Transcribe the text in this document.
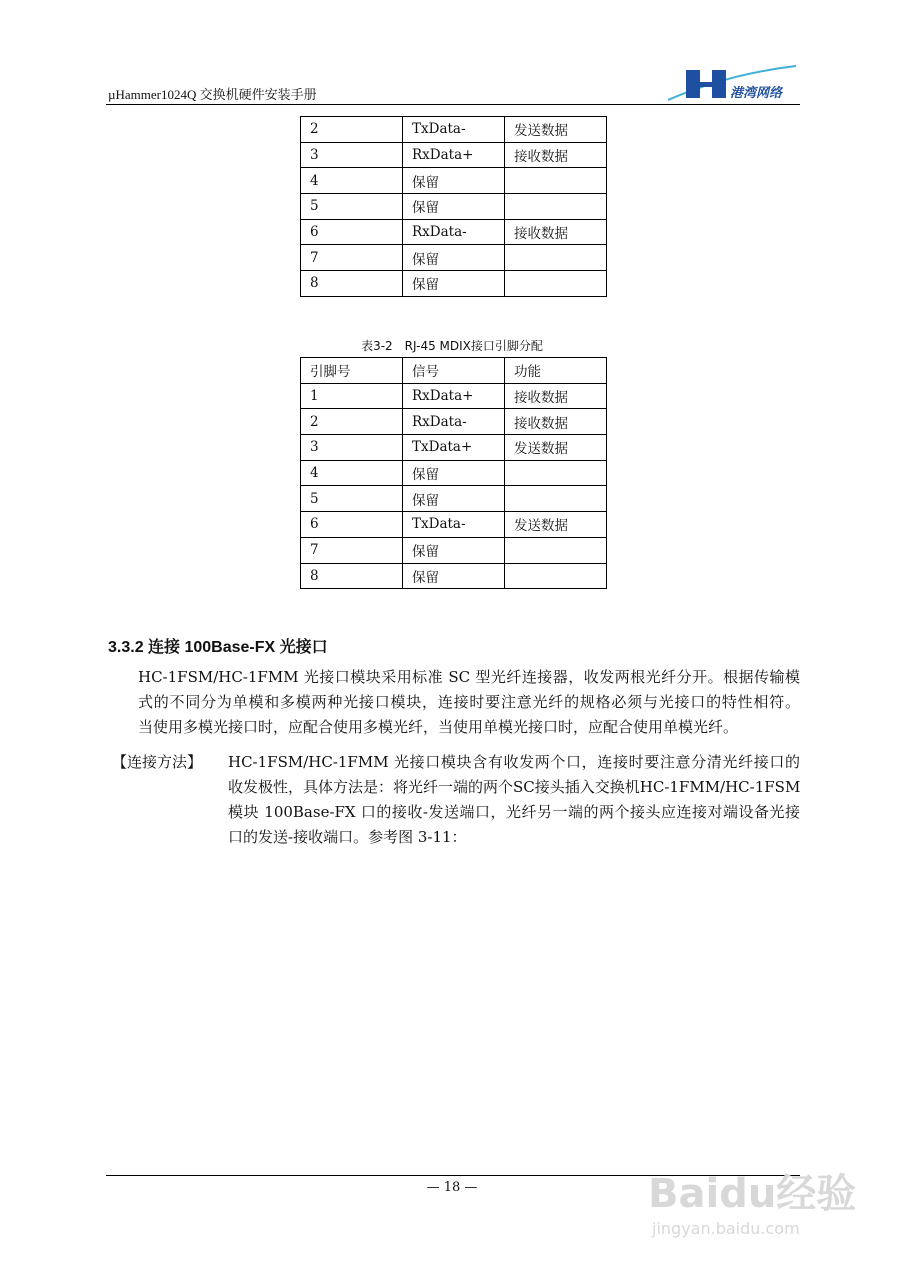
µHammer1024Q 交换机硬件安装手册	港湾网络
2	TxData-	发送数据
3	RxData+	接收数据
4	保留	
5	保留	
6	RxData-	接收数据
7	保留	
8	保留	
表3-2　RJ-45 MDIX接口引脚分配
引脚号	信号	功能
1	RxData+	接收数据
2	RxData-	接收数据
3	TxData+	发送数据
4	保留	
5	保留	
6	TxData-	发送数据
7	保留	
8	保留	
3.3.2 连接 100Base-FX 光接口
HC-1FSM/HC-1FMM 光接口模块采用标准 SC 型光纤连接器，收发两根光纤分开。根据传输模
式的不同分为单模和多模两种光接口模块，连接时要注意光纤的规格必须与光接口的特性相符。
当使用多模光接口时，应配合使用多模光纤，当使用单模光接口时，应配合使用单模光纤。
【连接方法】 HC-1FSM/HC-1FMM 光接口模块含有收发两个口，连接时要注意分清光纤接口的
收发极性，具体方法是：将光纤一端的两个SC接头插入交换机HC-1FMM/HC-1FSM
模块 100Base-FX 口的接收-发送端口，光纤另一端的两个接头应连接对端设备光接
口的发送-接收端口。参考图 3-11：
— 18 —	Baidu经验
jingyan.baidu.com
